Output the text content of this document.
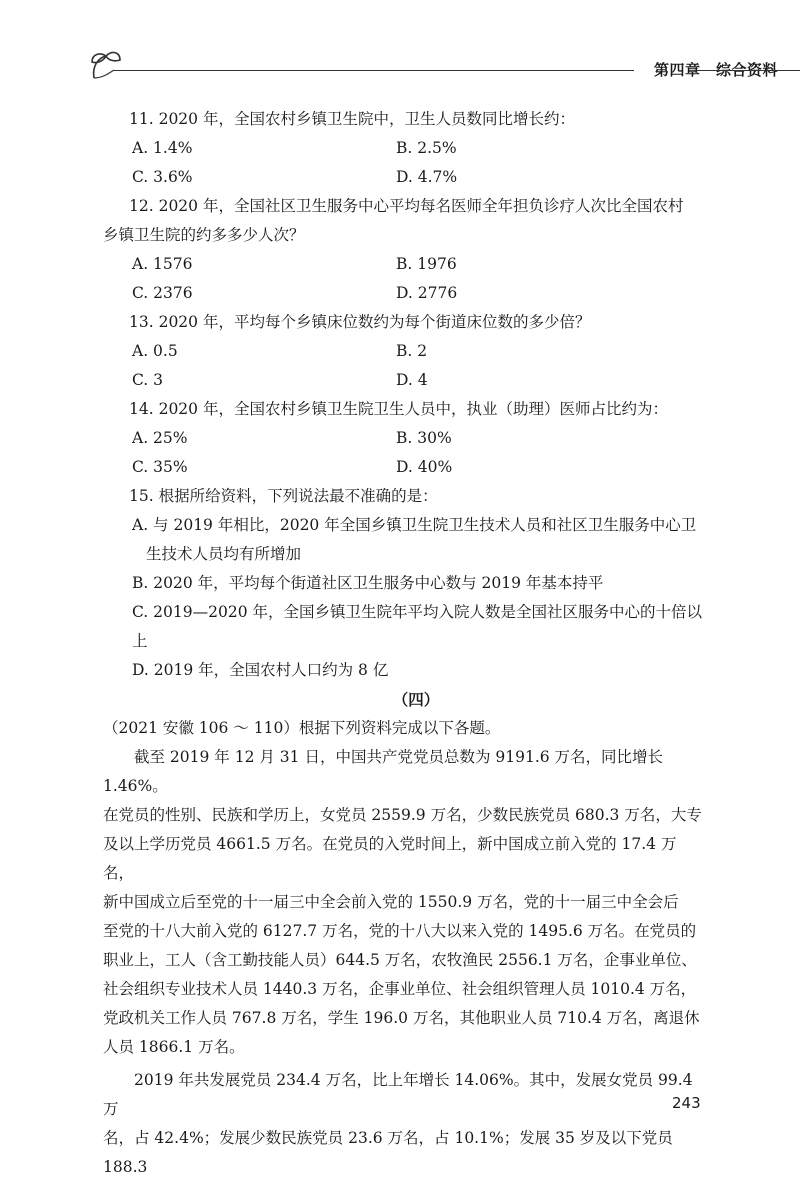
第四章　综合资料

11. 2020 年，全国农村乡镇卫生院中，卫生人员数同比增长约：

A. 1.4%	B. 2.5%

C. 3.6%	D. 4.7%

12. 2020 年，全国社区卫生服务中心平均每名医师全年担负诊疗人次比全国农村

乡镇卫生院的约多多少人次？

A. 1576	B. 1976

C. 2376	D. 2776

13. 2020 年，平均每个乡镇床位数约为每个街道床位数的多少倍？

A. 0.5	B. 2

C. 3	D. 4

14. 2020 年，全国农村乡镇卫生院卫生人员中，执业（助理）医师占比约为：

A. 25%	B. 30%

C. 35%	D. 40%

15. 根据所给资料，下列说法最不准确的是：

A. 与 2019 年相比，2020 年全国乡镇卫生院卫生技术人员和社区卫生服务中心卫

生技术人员均有所增加

B. 2020 年，平均每个街道社区卫生服务中心数与 2019 年基本持平

C. 2019—2020 年，全国乡镇卫生院年平均入院人数是全国社区服务中心的十倍以上

D. 2019 年，全国农村人口约为 8 亿

（四）

（2021 安徽 106 ～ 110）根据下列资料完成以下各题。

截至 2019 年 12 月 31 日，中国共产党党员总数为 9191.6 万名，同比增长 1.46%。

在党员的性别、民族和学历上，女党员 2559.9 万名，少数民族党员 680.3 万名，大专

及以上学历党员 4661.5 万名。在党员的入党时间上，新中国成立前入党的 17.4 万名，

新中国成立后至党的十一届三中全会前入党的 1550.9 万名，党的十一届三中全会后

至党的十八大前入党的 6127.7 万名，党的十八大以来入党的 1495.6 万名。在党员的

职业上，工人（含工勤技能人员）644.5 万名，农牧渔民 2556.1 万名，企事业单位、

社会组织专业技术人员 1440.3 万名，企事业单位、社会组织管理人员 1010.4 万名，

党政机关工作人员 767.8 万名，学生 196.0 万名，其他职业人员 710.4 万名，离退休

人员 1866.1 万名。

2019 年共发展党员 234.4 万名，比上年增长 14.06%。其中，发展女党员 99.4 万

名，占 42.4%；发展少数民族党员 23.6 万名，占 10.1%；发展 35 岁及以下党员 188.3

243
